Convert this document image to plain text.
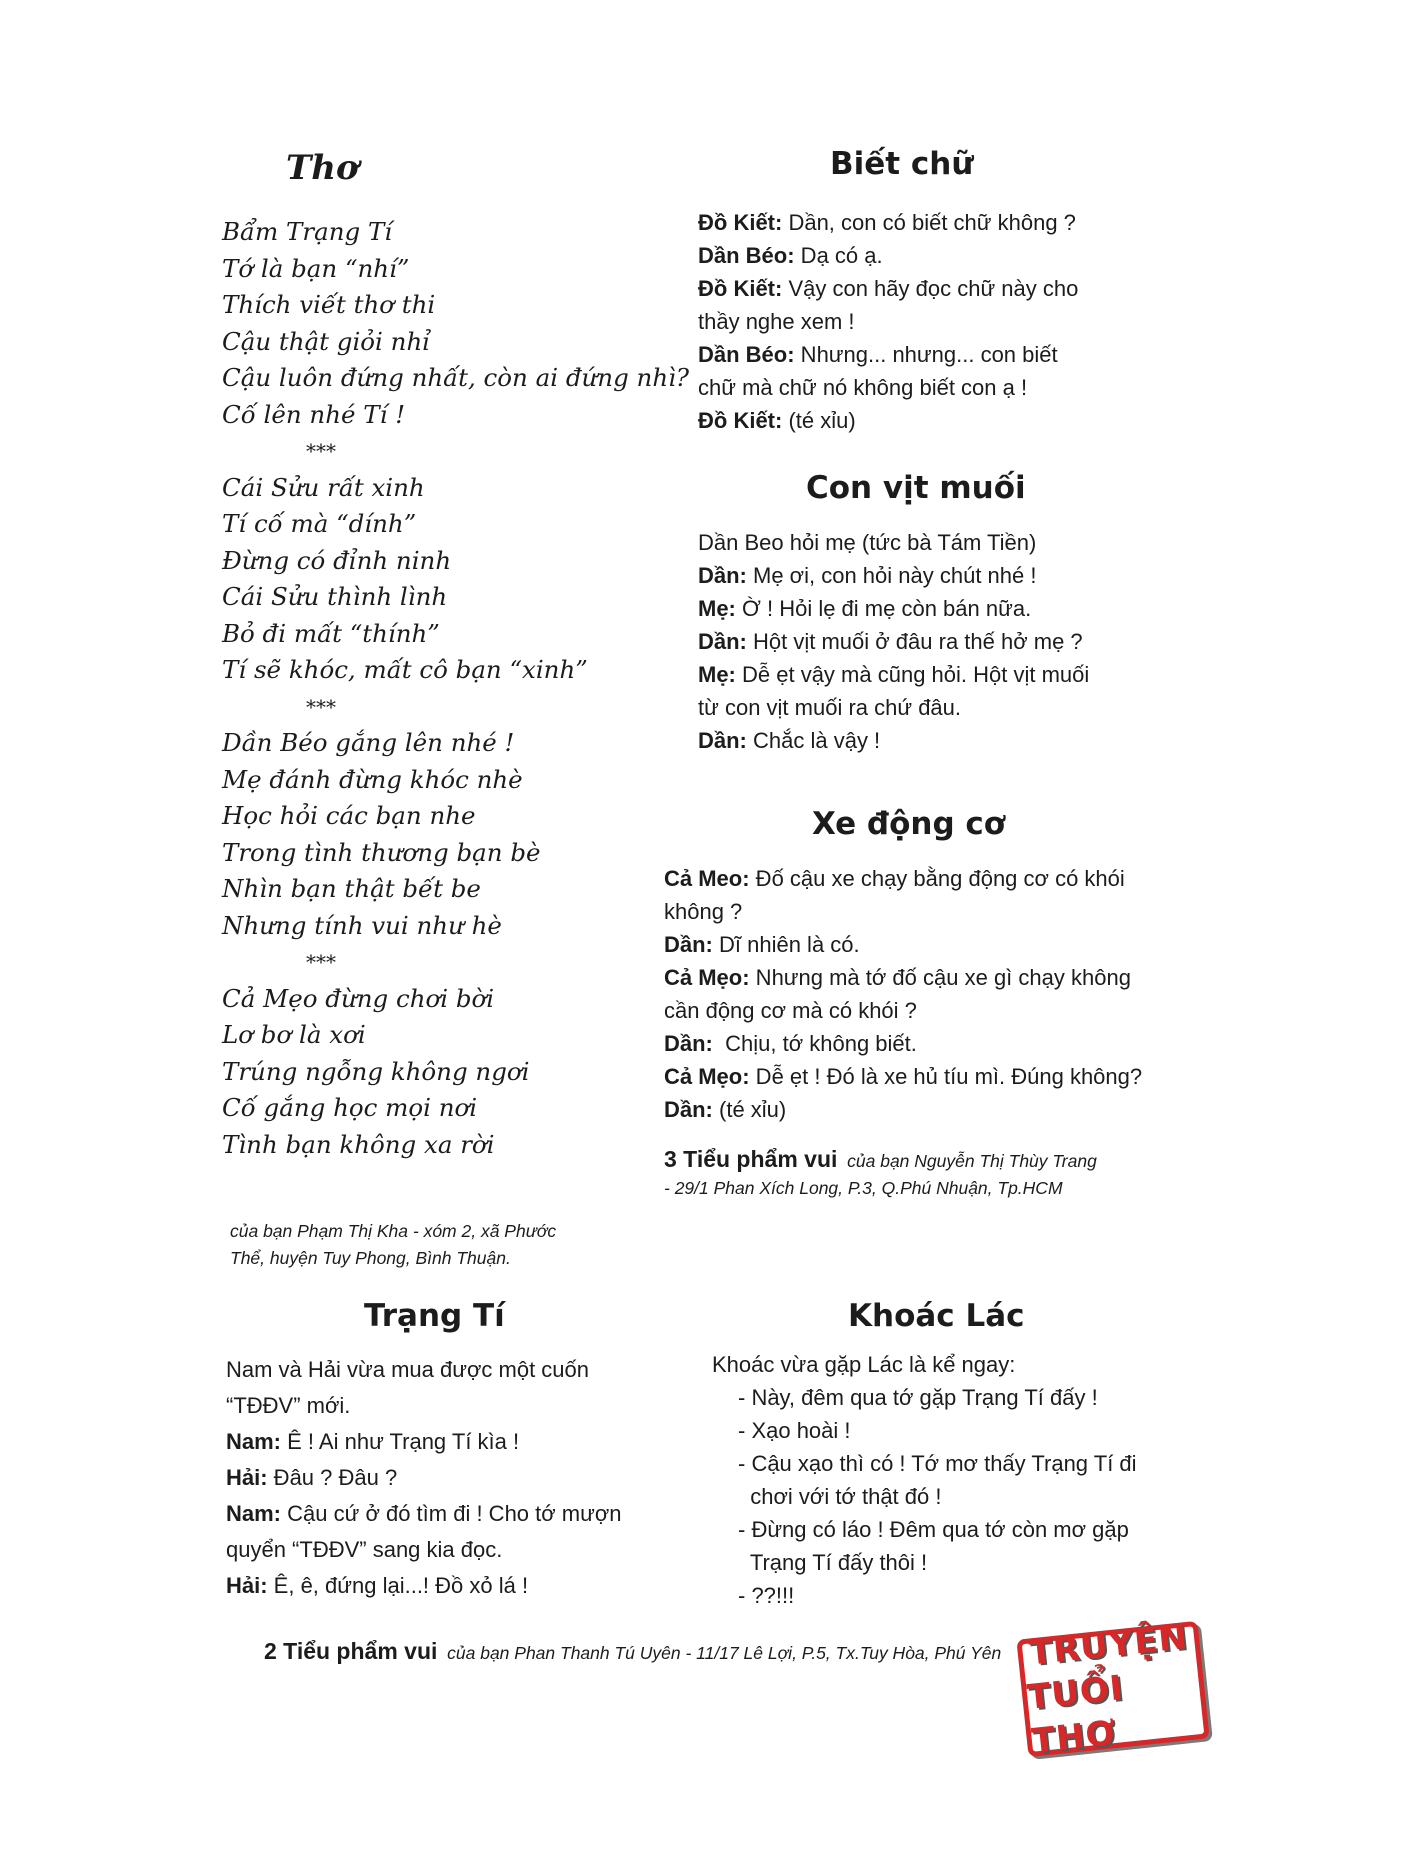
Thơ
Bẩm Trạng Tí
Tớ là bạn “nhí”
Thích viết thơ thi
Cậu thật giỏi nhỉ
Cậu luôn đứng nhất, còn ai đứng nhì?
Cố lên nhé Tí !
***
Cái Sửu rất xinh
Tí cố mà “dính”
Đừng có đỉnh ninh
Cái Sửu thình lình
Bỏ đi mất “thính”
Tí sẽ khóc, mất cô bạn “xinh”
***
Dần Béo gắng lên nhé !
Mẹ đánh đừng khóc nhè
Học hỏi các bạn nhe
Trong tình thương bạn bè
Nhìn bạn thật bết be
Nhưng tính vui như hè
***
Cả Mẹo đừng chơi bời
Lơ bơ là xơi
Trúng ngỗng không ngơi
Cố gắng học mọi nơi
Tình bạn không xa rời
của bạn Phạm Thị Kha - xóm 2, xã Phước
Thể, huyện Tuy Phong, Bình Thuận.
Biết chữ
Đồ Kiết: Dần, con có biết chữ không ?
Dần Béo: Dạ có ạ.
Đồ Kiết: Vậy con hãy đọc chữ này cho
thầy nghe xem !
Dần Béo: Nhưng... nhưng... con biết
chữ mà chữ nó không biết con ạ !
Đồ Kiết: (té xỉu)
Con vịt muối
Dần Beo hỏi mẹ (tức bà Tám Tiền)
Dần: Mẹ ơi, con hỏi này chút nhé !
Mẹ: Ờ ! Hỏi lẹ đi mẹ còn bán nữa.
Dần: Hột vịt muối ở đâu ra thế hở mẹ ?
Mẹ: Dễ ẹt vậy mà cũng hỏi. Hột vịt muối
từ con vịt muối ra chứ đâu.
Dần: Chắc là vậy !
Xe động cơ
Cả Meo: Đố cậu xe chạy bằng động cơ có khói
không ?
Dần: Dĩ nhiên là có.
Cả Mẹo: Nhưng mà tớ đố cậu xe gì chạy không
cần động cơ mà có khói ?
Dần:  Chịu, tớ không biết.
Cả Mẹo: Dễ ẹt ! Đó là xe hủ tíu mì. Đúng không?
Dần: (té xỉu)
3 Tiểu phẩm vui của bạn Nguyễn Thị Thùy Trang
- 29/1 Phan Xích Long, P.3, Q.Phú Nhuận, Tp.HCM
Trạng Tí
Nam và Hải vừa mua được một cuốn
“TĐĐV” mới.
Nam: Ê ! Ai như Trạng Tí kìa !
Hải: Đâu ? Đâu ?
Nam: Cậu cứ ở đó tìm đi ! Cho tớ mượn
quyển “TĐĐV” sang kia đọc.
Hải: Ê, ê, đứng lại...! Đồ xỏ lá !
Khoác Lác
Khoác vừa gặp Lác là kể ngay:
- Này, đêm qua tớ gặp Trạng Tí đấy !
- Xạo hoài !
- Cậu xạo thì có ! Tớ mơ thấy Trạng Tí đi
chơi với tớ thật đó !
- Đừng có láo ! Đêm qua tớ còn mơ gặp
Trạng Tí đấy thôi !
- ??!!!
2 Tiểu phẩm vui của bạn Phan Thanh Tú Uyên - 11/17 Lê Lợi, P.5, Tx.Tuy Hòa, Phú Yên TRUYỆN
TUỔI THƠ
